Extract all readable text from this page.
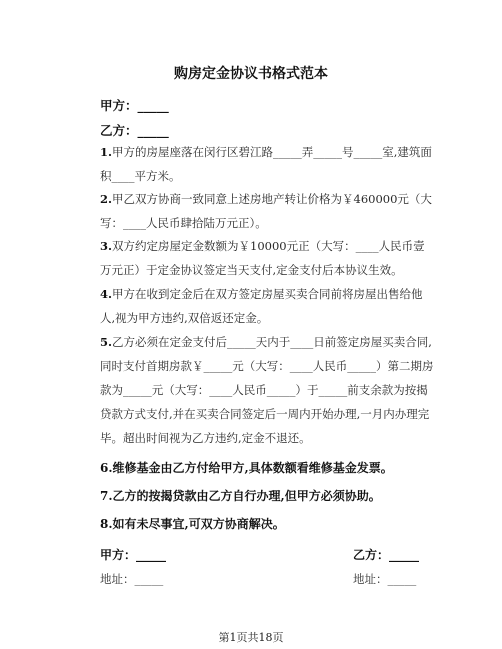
购房定金协议书格式范本
甲方：_____
乙方：_____

1.甲方的房屋座落在闵行区碧江路_____弄_____号_____室,建筑面积____平方米。

2.甲乙双方协商一致同意上述房地产转让价格为￥460000元（大写：____人民币肆拾陆万元正）。

3.双方约定房屋定金数额为￥10000元正（大写：____人民币壹万元正）于定金协议签定当天支付,定金支付后本协议生效。

4.甲方在收到定金后在双方签定房屋买卖合同前将房屋出售给他人,视为甲方违约,双倍返还定金。

5.乙方必须在定金支付后_____天内于____日前签定房屋买卖合同,同时支付首期房款￥_____元（大写：____人民币_____）第二期房款为_____元（大写：____人民币_____）于_____前支余款为按揭贷款方式支付,并在买卖合同签定后一周内开始办理,一月内办理完毕。超出时间视为乙方违约,定金不退还。

6.维修基金由乙方付给甲方,具体数额看维修基金发票。

7.乙方的按揭贷款由乙方自行办理,但甲方必须协助。

8.如有未尽事宜,可双方协商解决。

甲方：_____	乙方：_____
地址：_____	地址：_____
第1页共18页
